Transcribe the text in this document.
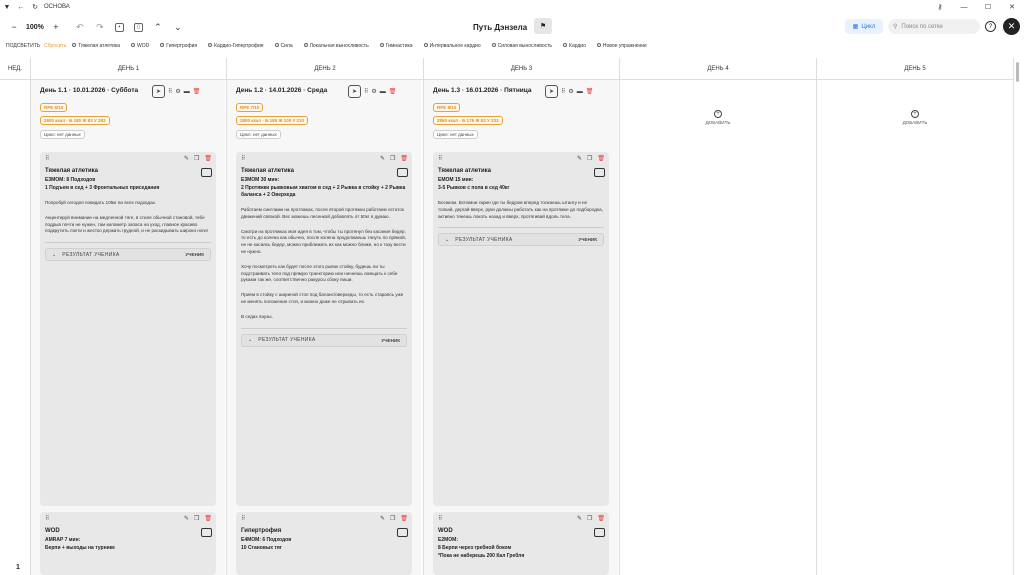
▼	←	↻	ОСНОВА	⚷	—	☐	✕
−	100%	+	↶	↷	▪	▯	⌃	⌄	Путь Дэнзела ⚑	▦ Цикл	⚲ Поиск по сетке	?	✕
ПОДСВЕТИТЬ Сбросить	Тяжелая атлетика	WOD	Гипертрофия	Кардио-Гипертрофия	Сила	Локальная выносливость	Гимнастика	Интервальное кардио	Силовая выносливость	Кардио	Новое упражнение
НЕД.	ДЕНЬ 1	ДЕНЬ 2	ДЕНЬ 3	ДЕНЬ 4	ДЕНЬ 5
1
День 1.1 · 10.01.2026 · Суббота	➤	⠿ ⚙ ▬ 🗑
RPE 6/10
2600 ккал · Б 180 Ж 83 У 283
Цикл: нет данных
⠿	✎ ❐ 🗑
Тяжелая атлетика
E3MOM: 8 Подходов
1 Подъем в сед + 3 Фронтальных приседания
Попробуй сегодня покидать 105кг во всех подходах.
Акцентируй внимание на медленной тяге, в стиле обычной становой, тебе подрыв почти не нужен, там километр запаса на уход, главное красиво подкрутить локти и жестко держать грудной, и не раскидывать широко ноги!
⌄ РЕЗУЛЬТАТ УЧЕНИКА	УЧЕНИК
⠿	✎ ❐ 🗑
WOD
AMRAP 7 мин:
Берпи + выходы на турнике
День 1.2 · 14.01.2026 · Среда	➤	⠿ ⚙ ▬ 🗑
RPE 7/10
2800 ккал · Б 185 Ж 100 У 210
Цикл: нет данных
⠿	✎ ❐ 🗑
Тяжелая атлетика
E3MOM 30 мин:
2 Протяжки рывковым хватом в сед + 2 Рывка в стойку + 2 Рывка баланса + 2 Оверхеда
Работаем синглами на протяжках, после второй протяжки работаем остаток движений связкой. Вес можешь лесенкой добавлять от 50кг я думаю.
Смотри на протяжках моя идея в том, чтобы ты протянул без касания бедер, то есть до колена как обычно, после колена продолжаешь тянуть по прямой, не не касаясь бедер, можно приближать их как можно ближе, но к тазу вести не нужно.
Хочу посмотреть как будет после этого рывок стойку, будешь ли ты подстраивать тело под прямую траекторию или начнешь смещать к себе руками так же, соответственно ракурсы сбоку пиши.
Прием в стойку с шириной стоп под баланс/оверхеды, то есть стараясь уже не менять положение стоп, и можно даже не отрывать их.
В седах паузы.
⌄ РЕЗУЛЬТАТ УЧЕНИКА	УЧЕНИК
⠿	✎ ❐ 🗑
Гипертрофия
E4MOM: 6 Подходов
10 Становых тяг
День 1.3 · 16.01.2026 · Пятница	➤	⠿ ⚙ ▬ 🗑
RPE 8/10
2860 ккал · Б 175 Ж 83 У 333
Цикл: нет данных
⠿	✎ ❐ 🗑
Тяжелая атлетика
EMOM 15 мин:
3-5 Рывков с пола в сед 40кг
Босиком. Вспомни скрин где ты бедром вперед толкаешь штангу и не толкай, дергай вверх, руки должны работать как на протяжке до подбородка, активно тянешь локоть назад и вверх, протягивай вдоль тела.
⌄ РЕЗУЛЬТАТ УЧЕНИКА	УЧЕНИК
⠿	✎ ❐ 🗑
WOD
E2MOM:
8 Берпи через гребной боком
*Пока не наберешь 200 Кал Гребля
+
ДОБАВИТЬ
+
ДОБАВИТЬ
